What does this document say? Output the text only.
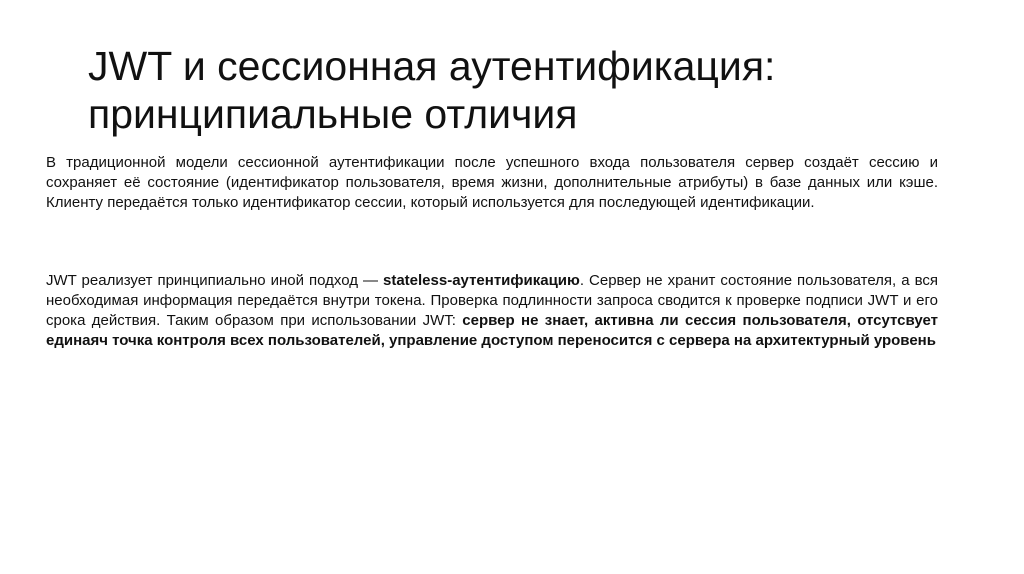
JWT и сессионная аутентификация:
принципиальные отличия

В традиционной модели сессионной аутентификации после успешного входа пользователя сервер создаёт сессию и сохраняет её состояние (идентификатор пользователя, время жизни, дополнительные атрибуты) в базе данных или кэше. Клиенту передаётся только идентификатор сессии, который используется для последующей идентификации.

JWT реализует принципиально иной подход — stateless-аутентификацию. Сервер не хранит состояние пользователя, а вся необходимая информация передаётся внутри токена. Проверка подлинности запроса сводится к проверке подписи JWT и его срока действия. Таким образом при использовании JWT: сервер не знает, активна ли сессия пользователя, отсутсвует единаяч точка контроля всех пользователей, управление доступом переносится с сервера на архитектурный уровень
